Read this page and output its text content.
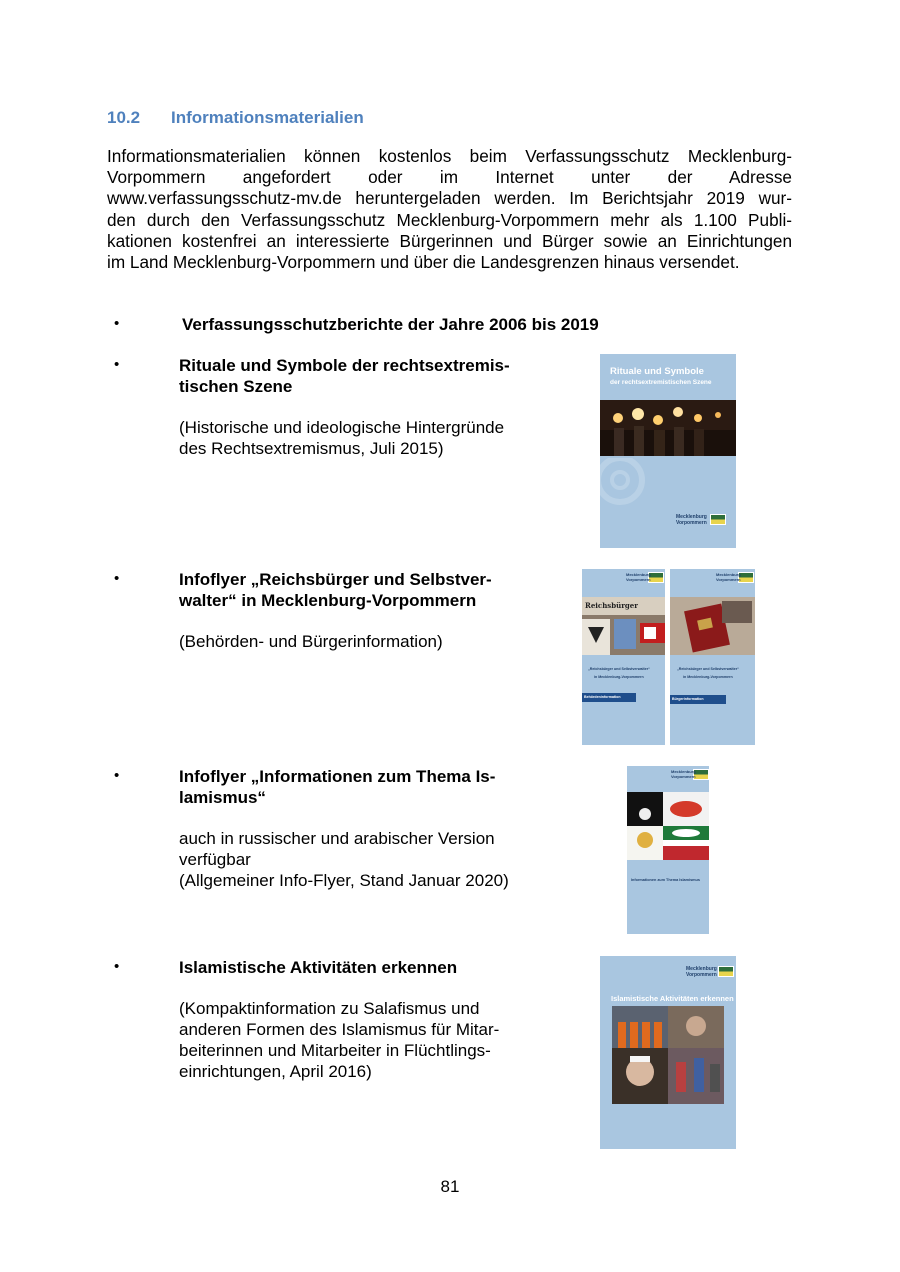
10.2 Informationsmaterialien
Informationsmaterialien können kostenlos beim Verfassungsschutz Mecklenburg-
Vorpommern angefordert oder im Internet unter der Adresse
www.verfassungsschutz-mv.de heruntergeladen werden. Im Berichtsjahr 2019 wur-
den durch den Verfassungsschutz Mecklenburg-Vorpommern mehr als 1.100 Publi-
kationen kostenfrei an interessierte Bürgerinnen und Bürger sowie an Einrichtungen
im Land Mecklenburg-Vorpommern und über die Landesgrenzen hinaus versendet.
•	Verfassungsschutzberichte der Jahre 2006 bis 2019
•	Rituale und Symbole der rechtsextremis-
tischen Szene
(Historische und ideologische Hintergründe
des Rechtsextremismus, Juli 2015)
•	Infoflyer „Reichsbürger und Selbstver-
walter“ in Mecklenburg-Vorpommern
(Behörden- und Bürgerinformation)
•	Infoflyer „Informationen zum Thema Is-
lamismus“
auch in russischer und arabischer Version
verfügbar
(Allgemeiner Info-Flyer, Stand Januar 2020)
•	Islamistische Aktivitäten erkennen
(Kompaktinformation zu Salafismus und
anderen Formen des Islamismus für Mitar-
beiterinnen und Mitarbeiter in Flüchtlings-
einrichtungen, April 2016)
Rituale und Symbole
der rechtsextremistischen Szene
Mecklenburg
Vorpommern
Mecklenburg
Vorpommern
Reichsbürger
„Reichsbürger und Selbstverwalter“
in Mecklenburg-Vorpommern
Behördeninformation
Mecklenburg
Vorpommern
„Reichsbürger und Selbstverwalter“
in Mecklenburg-Vorpommern
Bürgerinformation
Mecklenburg
Vorpommern
Informationen zum Thema Islamismus
Mecklenburg
Vorpommern
Islamistische Aktivitäten erkennen
81
